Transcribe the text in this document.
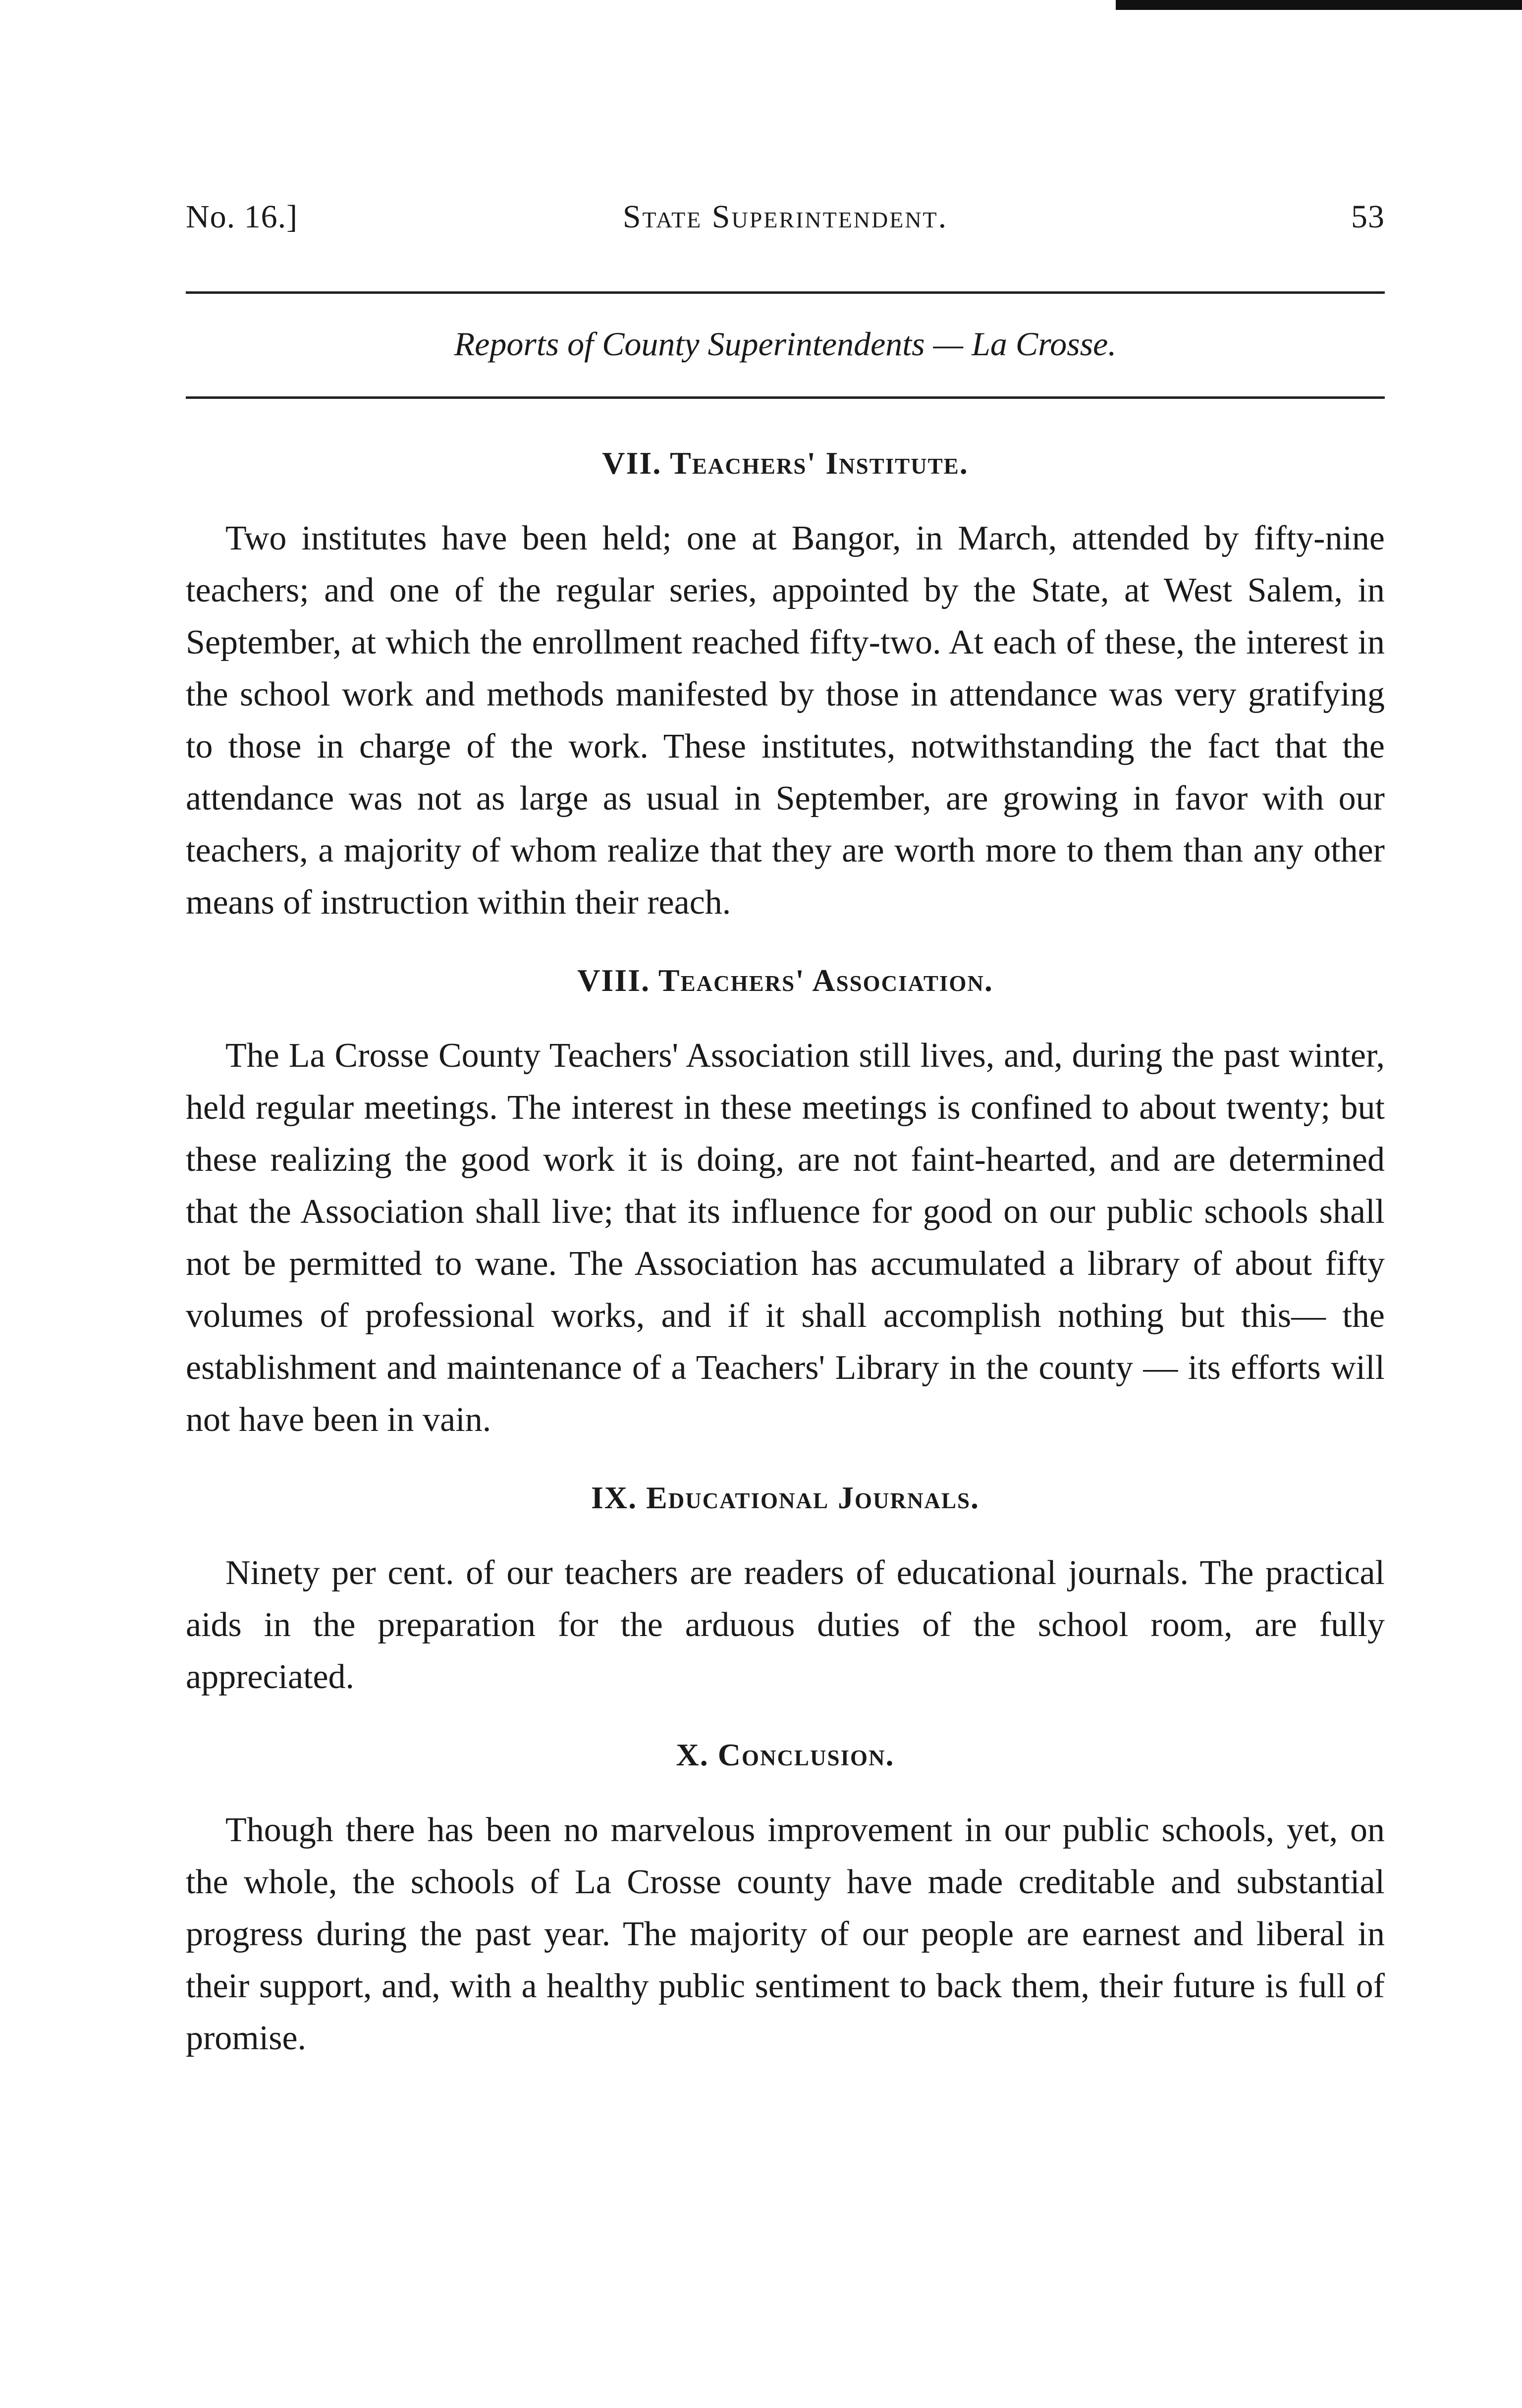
No. 16.]	State Superintendent.	53
Reports of County Superintendents — La Crosse.
VII. Teachers' Institute.

Two institutes have been held; one at Bangor, in March, attended by fifty-nine teachers; and one of the regular series, appointed by the State, at West Salem, in September, at which the enrollment reached fifty-two. At each of these, the interest in the school work and methods manifested by those in attendance was very gratifying to those in charge of the work. These institutes, notwithstanding the fact that the attendance was not as large as usual in September, are growing in favor with our teachers, a majority of whom realize that they are worth more to them than any other means of instruction within their reach.

VIII. Teachers' Association.

The La Crosse County Teachers' Association still lives, and, during the past winter, held regular meetings. The interest in these meetings is confined to about twenty; but these realizing the good work it is doing, are not faint-hearted, and are determined that the Association shall live; that its influence for good on our public schools shall not be permitted to wane. The Association has accumulated a library of about fifty volumes of professional works, and if it shall accomplish nothing but this— the establishment and maintenance of a Teachers' Library in the county — its efforts will not have been in vain.

IX. Educational Journals.

Ninety per cent. of our teachers are readers of educational journals. The practical aids in the preparation for the arduous duties of the school room, are fully appreciated.

X. Conclusion.

Though there has been no marvelous improvement in our public schools, yet, on the whole, the schools of La Crosse county have made creditable and substantial progress during the past year. The majority of our people are earnest and liberal in their support, and, with a healthy public sentiment to back them, their future is full of promise.
